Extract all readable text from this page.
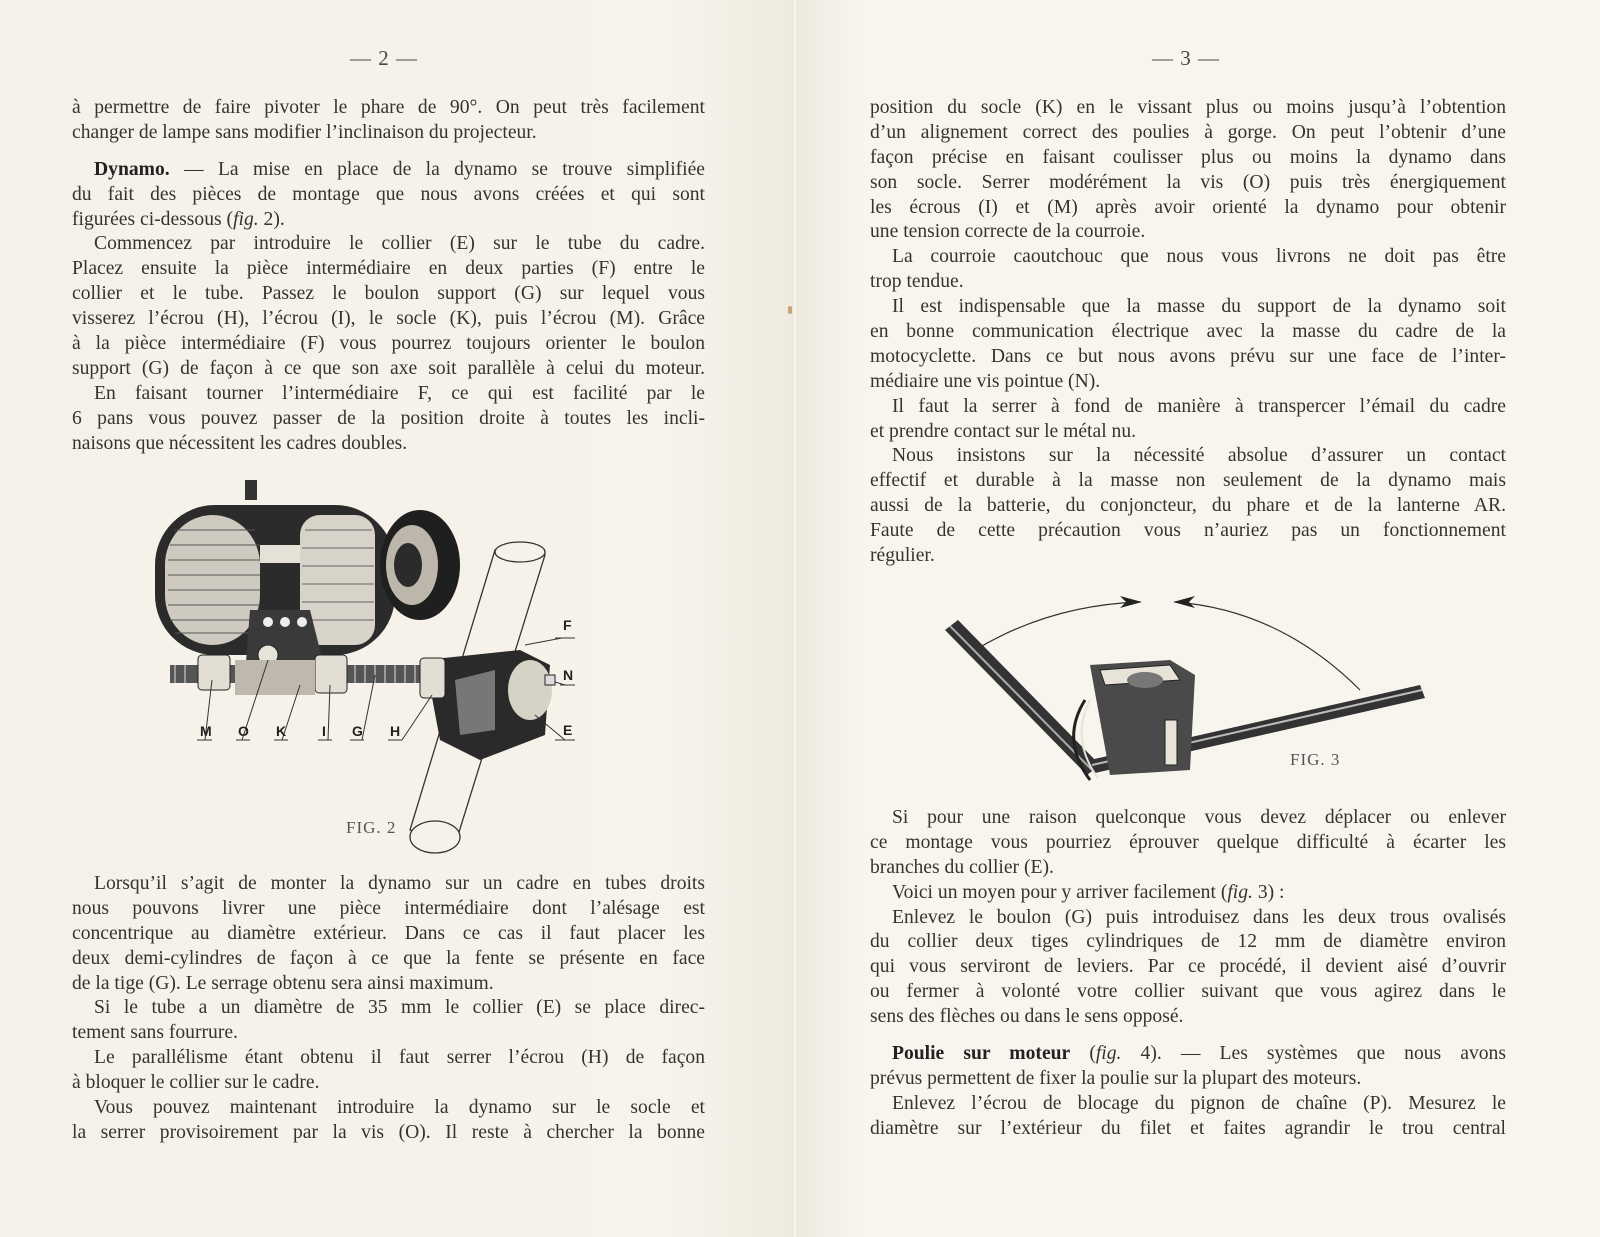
— 2 —	— 3 —
à permettre de faire pivoter le phare de 90°. On peut très facilement
changer de lampe sans modifier l’inclinaison du projecteur.
Dynamo. — La mise en place de la dynamo se trouve simplifiée
du fait des pièces de montage que nous avons créées et qui sont
figurées ci-dessous (fig. 2).
Commencez par introduire le collier (E) sur le tube du cadre.
Placez ensuite la pièce intermédiaire en deux parties (F) entre le
collier et le tube. Passez le boulon support (G) sur lequel vous
visserez l’écrou (H), l’écrou (I), le socle (K), puis l’écrou (M). Grâce
à la pièce intermédiaire (F) vous pourrez toujours orienter le boulon
support (G) de façon à ce que son axe soit parallèle à celui du moteur.
En faisant tourner l’intermédiaire F, ce qui est facilité par le
6 pans vous pouvez passer de la position droite à toutes les incli-
naisons que nécessitent les cadres doubles.
M O K	I G H
F
N
E
FIG. 2
Lorsqu’il s’agit de monter la dynamo sur un cadre en tubes droits
nous pouvons livrer une pièce intermédiaire dont l’alésage est
concentrique au diamètre extérieur. Dans ce cas il faut placer les
deux demi-cylindres de façon à ce que la fente se présente en face
de la tige (G). Le serrage obtenu sera ainsi maximum.
Si le tube a un diamètre de 35 mm le collier (E) se place direc-
tement sans fourrure.
Le parallélisme étant obtenu il faut serrer l’écrou (H) de façon
à bloquer le collier sur le cadre.
Vous pouvez maintenant introduire la dynamo sur le socle et
la serrer provisoirement par la vis (O). Il reste à chercher la bonne
position du socle (K) en le vissant plus ou moins jusqu’à l’obtention
d’un alignement correct des poulies à gorge. On peut l’obtenir d’une
façon précise en faisant coulisser plus ou moins la dynamo dans
son socle. Serrer modérément la vis (O) puis très énergiquement
les écrous (I) et (M) après avoir orienté la dynamo pour obtenir
une tension correcte de la courroie.
La courroie caoutchouc que nous vous livrons ne doit pas être
trop tendue.
Il est indispensable que la masse du support de la dynamo soit
en bonne communication électrique avec la masse du cadre de la
motocyclette. Dans ce but nous avons prévu sur une face de l’inter-
médiaire une vis pointue (N).
Il faut la serrer à fond de manière à transpercer l’émail du cadre
et prendre contact sur le métal nu.
Nous insistons sur la nécessité absolue d’assurer un contact
effectif et durable à la masse non seulement de la dynamo mais
aussi de la batterie, du conjoncteur, du phare et de la lanterne AR.
Faute de cette précaution vous n’auriez pas un fonctionnement
régulier.
FIG. 3
Si pour une raison quelconque vous devez déplacer ou enlever
ce montage vous pourriez éprouver quelque difficulté à écarter les
branches du collier (E).
Voici un moyen pour y arriver facilement (fig. 3) :
Enlevez le boulon (G) puis introduisez dans les deux trous ovalisés
du collier deux tiges cylindriques de 12 mm de diamètre environ
qui vous serviront de leviers. Par ce procédé, il devient aisé d’ouvrir
ou fermer à volonté votre collier suivant que vous agirez dans le
sens des flèches ou dans le sens opposé.
Poulie sur moteur (fig. 4). — Les systèmes que nous avons
prévus permettent de fixer la poulie sur la plupart des moteurs.
Enlevez l’écrou de blocage du pignon de chaîne (P). Mesurez le
diamètre sur l’extérieur du filet et faites agrandir le trou central
